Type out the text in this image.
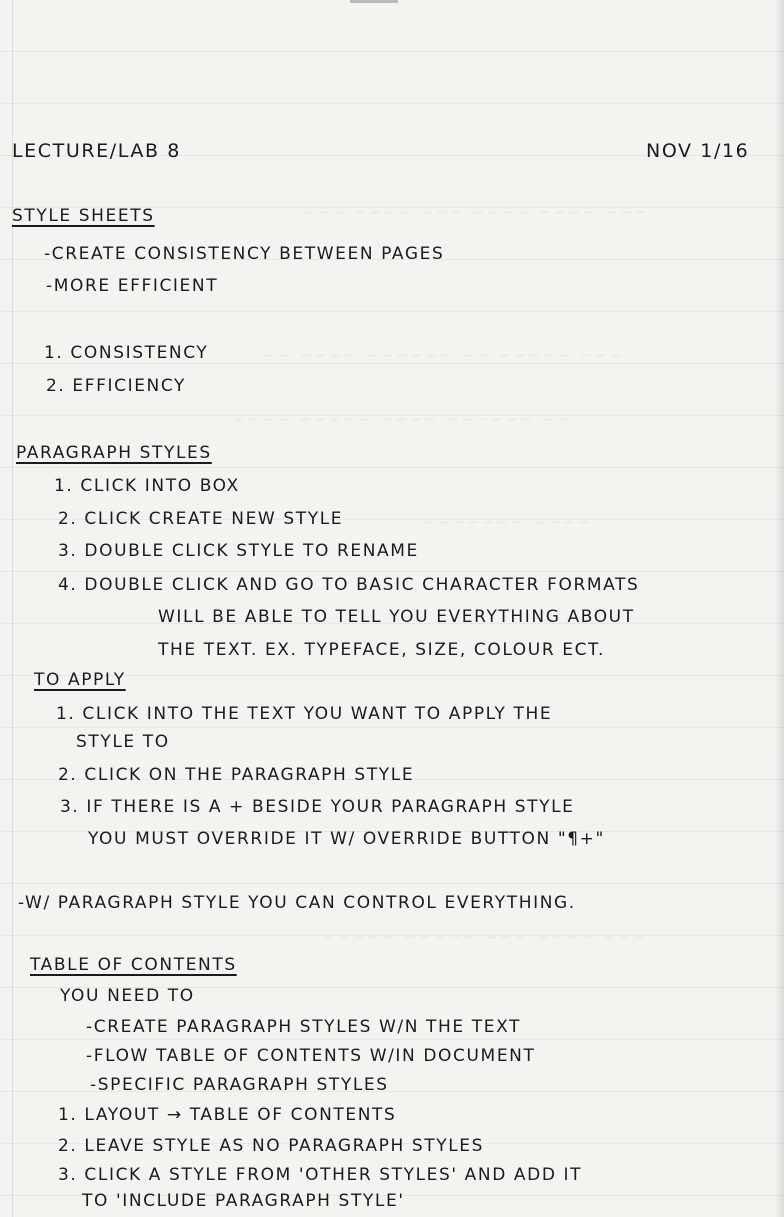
~~~ ~~~~ ~~~~ ~~~ ~~~~ ~~~
~~~ ~~~~~ ~~ ~~~~~~ ~~~~ ~~
~~ ~~~~~~ ~~~~ ~~~~~ ~~~~
~~~~ ~~~~~~~
~~~ ~~~~ ~~~ ~~~~~ ~~~~~
LECTURE/LAB 8	NOV 1/16
STYLE SHEETS
-CREATE CONSISTENCY BETWEEN PAGES
-MORE EFFICIENT
1. CONSISTENCY
2. EFFICIENCY
PARAGRAPH STYLES
1. CLICK INTO BOX
2. CLICK CREATE NEW STYLE
3. DOUBLE CLICK STYLE TO RENAME
4. DOUBLE CLICK AND GO TO BASIC CHARACTER FORMATS
WILL BE ABLE TO TELL YOU EVERYTHING ABOUT
THE TEXT. EX. TYPEFACE, SIZE, COLOUR ECT.
TO APPLY
1. CLICK INTO THE TEXT YOU WANT TO APPLY THE
STYLE TO
2. CLICK ON THE PARAGRAPH STYLE
3. IF THERE IS A + BESIDE YOUR PARAGRAPH STYLE
YOU MUST OVERRIDE IT W/ OVERRIDE BUTTON "¶+"
-W/ PARAGRAPH STYLE YOU CAN CONTROL EVERYTHING.
TABLE OF CONTENTS
YOU NEED TO
-CREATE PARAGRAPH STYLES W/N THE TEXT
-FLOW TABLE OF CONTENTS W/IN DOCUMENT
-SPECIFIC PARAGRAPH STYLES
1. LAYOUT → TABLE OF CONTENTS
2. LEAVE STYLE AS NO PARAGRAPH STYLES
3. CLICK A STYLE FROM 'OTHER STYLES' AND ADD IT
TO 'INCLUDE PARAGRAPH STYLE'
